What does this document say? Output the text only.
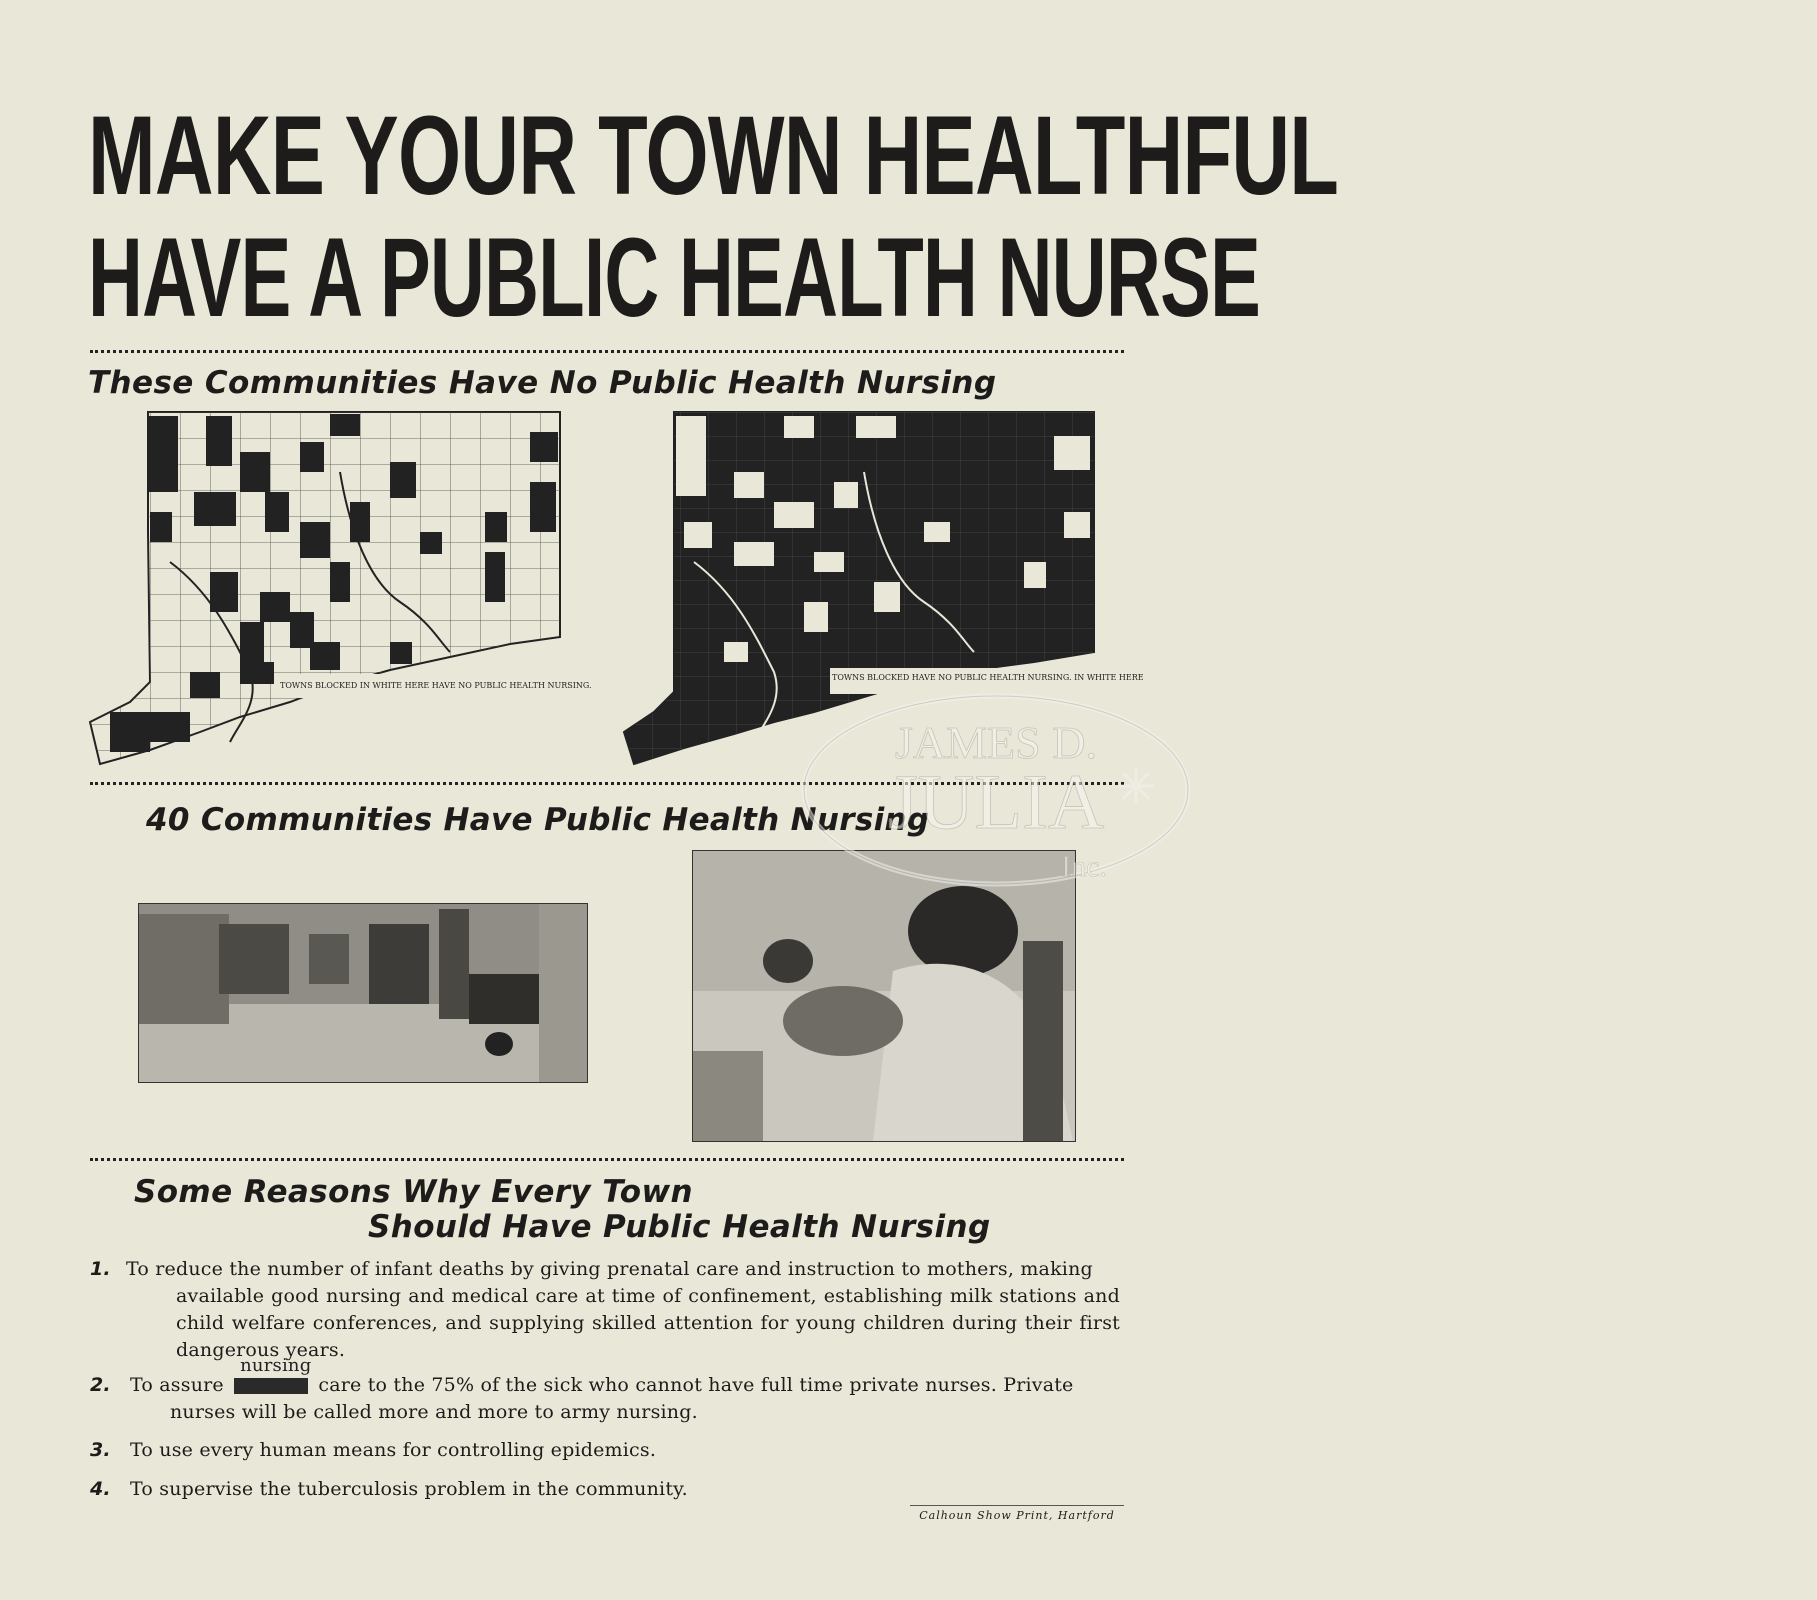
MAKE YOUR TOWN HEALTHFUL
HAVE A PUBLIC HEALTH NURSE
These Communities Have No Public Health Nursing
TOWNS BLOCKED IN WHITE HERE HAVE NO PUBLIC HEALTH NURSING.
TOWNS BLOCKED HAVE NO PUBLIC HEALTH NURSING. IN WHITE HERE
40 Communities Have Public Health Nursing
Some Reasons Why Every Town
Should Have Public Health Nursing
1. To reduce the number of infant deaths by giving prenatal care and instruction to mothers, making
available good nursing and medical care at time of confinement, establishing milk stations and child welfare conferences, and supplying skilled attention for young children during their first dangerous years.
2. To assure
nursing
care to the 75% of the sick who cannot have full time private nurses. Private
nurses will be called more and more to army nursing.
3. To use every human means for controlling epidemics.
4. To supervise the tuberculosis problem in the community.
Calhoun Show Print, Hartford
JAMES D.
JULIA
Inc.
